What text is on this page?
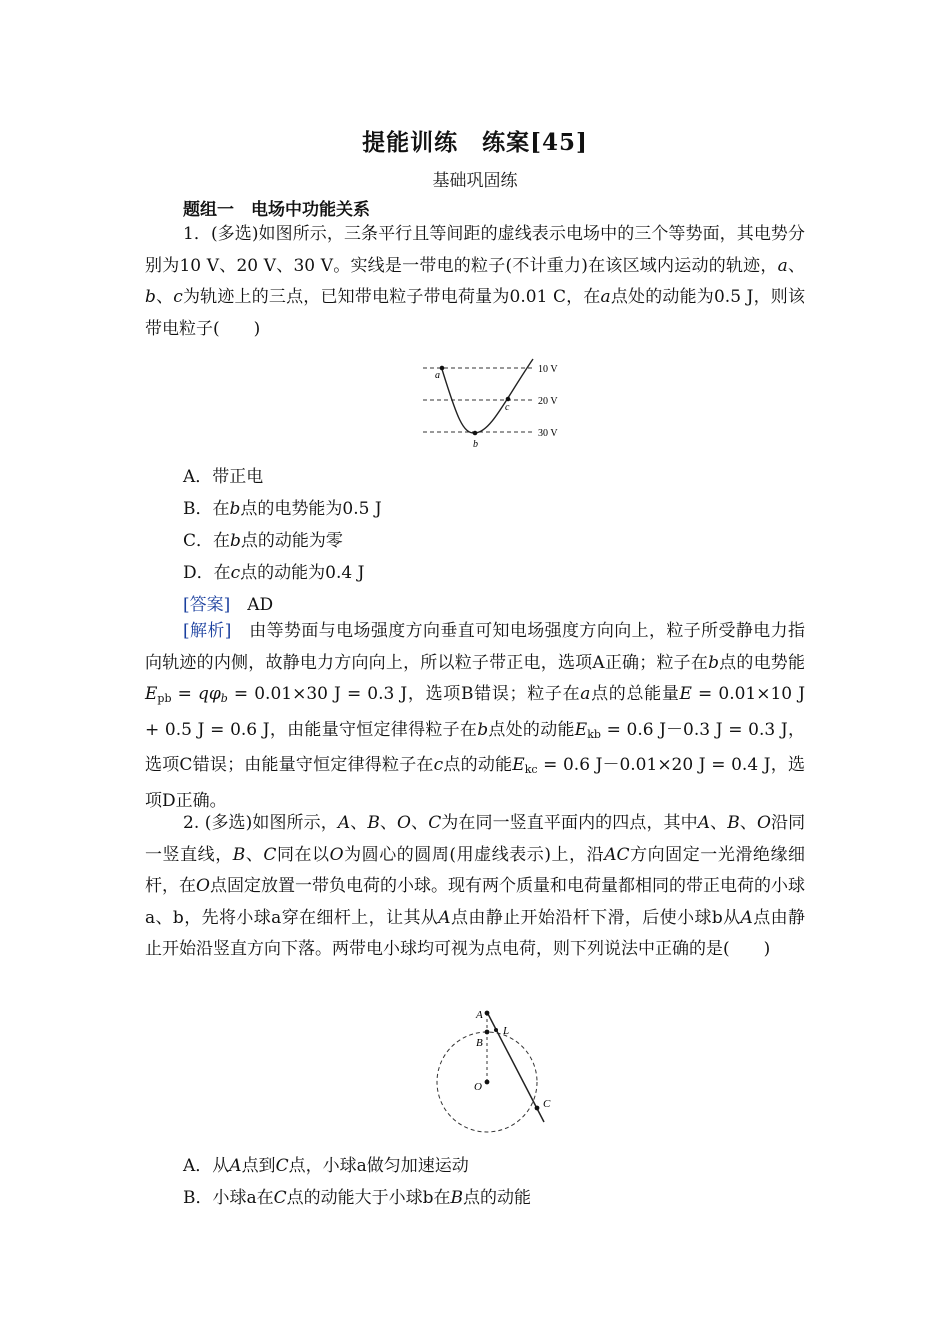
提能训练　练案[45]
基础巩固练
题组一　电场中功能关系

1．(多选)如图所示，三条平行且等间距的虚线表示电场中的三个等势面，其电势分别为10 V、20 V、30 V。实线是一带电的粒子(不计重力)在该区域内运动的轨迹，a、b、c为轨迹上的三点，已知带电粒子带电荷量为0.01 C，在a点处的动能为0.5 J，则该带电粒子(　　)

a
b
c
10 V
20 V
30 V
A．带正电
B．在b点的电势能为0.5 J
C．在b点的动能为零
D．在c点的动能为0.4 J
[答案]　 AD

[解析]　 由等势面与电场强度方向垂直可知电场强度方向向上，粒子所受静电力指向轨迹的内侧，故静电力方向向上，所以粒子带正电，选项A正确；粒子在b点的电势能$E_{pb} = q\varphi_b = 0.01\times 30$ J = 0.3 J，选项B错误；粒子在a点的总能量E = 0.01×10 J + 0.5 J = 0.6 J，由能量守恒定律得粒子在b点处的动能$E_{kb} = 0.6$ J－0.3 J = 0.3 J，选项C错误；由能量守恒定律得粒子在c点的动能$E_{kc} = 0.6$ J－0.01×20 J = 0.4 J，选项D正确。

2. (多选)如图所示，A、B、O、C为在同一竖直平面内的四点，其中A、B、O沿同一竖直线，B、C同在以O为圆心的圆周(用虚线表示)上，沿AC方向固定一光滑绝缘细杆，在O点固定放置一带负电荷的小球。现有两个质量和电荷量都相同的带正电荷的小球a、b，先将小球a穿在细杆上，让其从A点由静止开始沿杆下滑，后使小球b从A点由静止开始沿竖直方向下落。两带电小球均可视为点电荷，则下列说法中正确的是(　　)

A
L
B
O
C
A．从A点到C点，小球a做匀加速运动
B．小球a在C点的动能大于小球b在B点的动能
